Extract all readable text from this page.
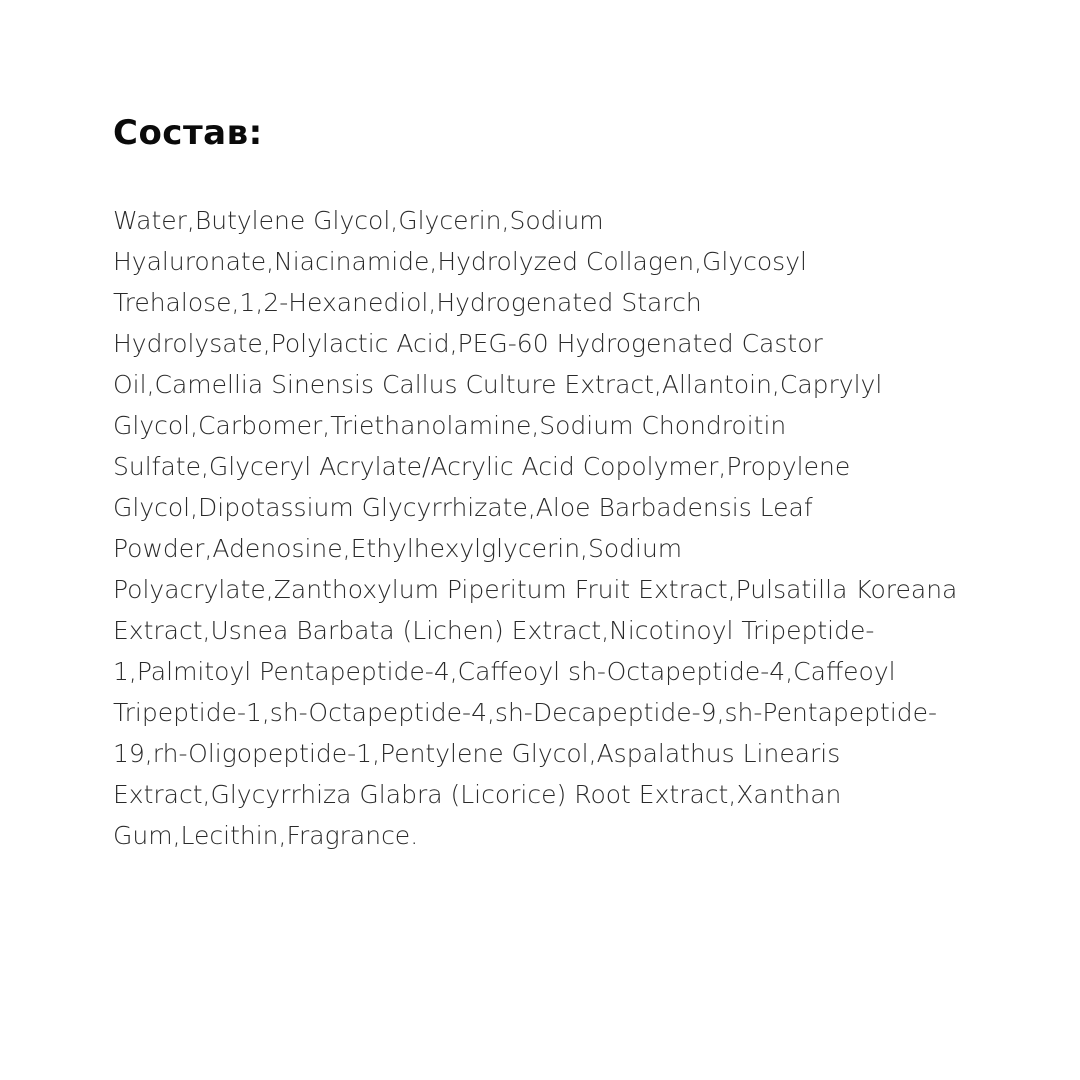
Состав:

Water,Butylene Glycol,Glycerin,Sodium Hyaluronate,Niacinamide,Hydrolyzed Collagen,Glycosyl Trehalose,1,2-Hexanediol,Hydrogenated Starch Hydrolysate,Polylactic Acid,PEG-60 Hydrogenated Castor Oil,Camellia Sinensis Callus Culture Extract,Allantoin,Caprylyl Glycol,Carbomer,Triethanolamine,Sodium Chondroitin Sulfate,Glyceryl Acrylate/Acrylic Acid Copolymer,Propylene Glycol,Dipotassium Glycyrrhizate,Aloe Barbadensis Leaf Powder,Adenosine,Ethylhexylglycerin,Sodium Polyacrylate,Zanthoxylum Piperitum Fruit Extract,Pulsatilla Koreana Extract,Usnea Barbata (Lichen) Extract,Nicotinoyl Tripeptide-1,Palmitoyl Pentapeptide-4,Caffeoyl sh-Octapeptide-4,Caffeoyl Tripeptide-1,sh-Octapeptide-4,sh-Decapeptide-9,sh-Pentapeptide-19,rh-Oligopeptide-1,Pentylene Glycol,Aspalathus Linearis Extract,Glycyrrhiza Glabra (Licorice) Root Extract,Xanthan Gum,Lecithin,Fragrance.
